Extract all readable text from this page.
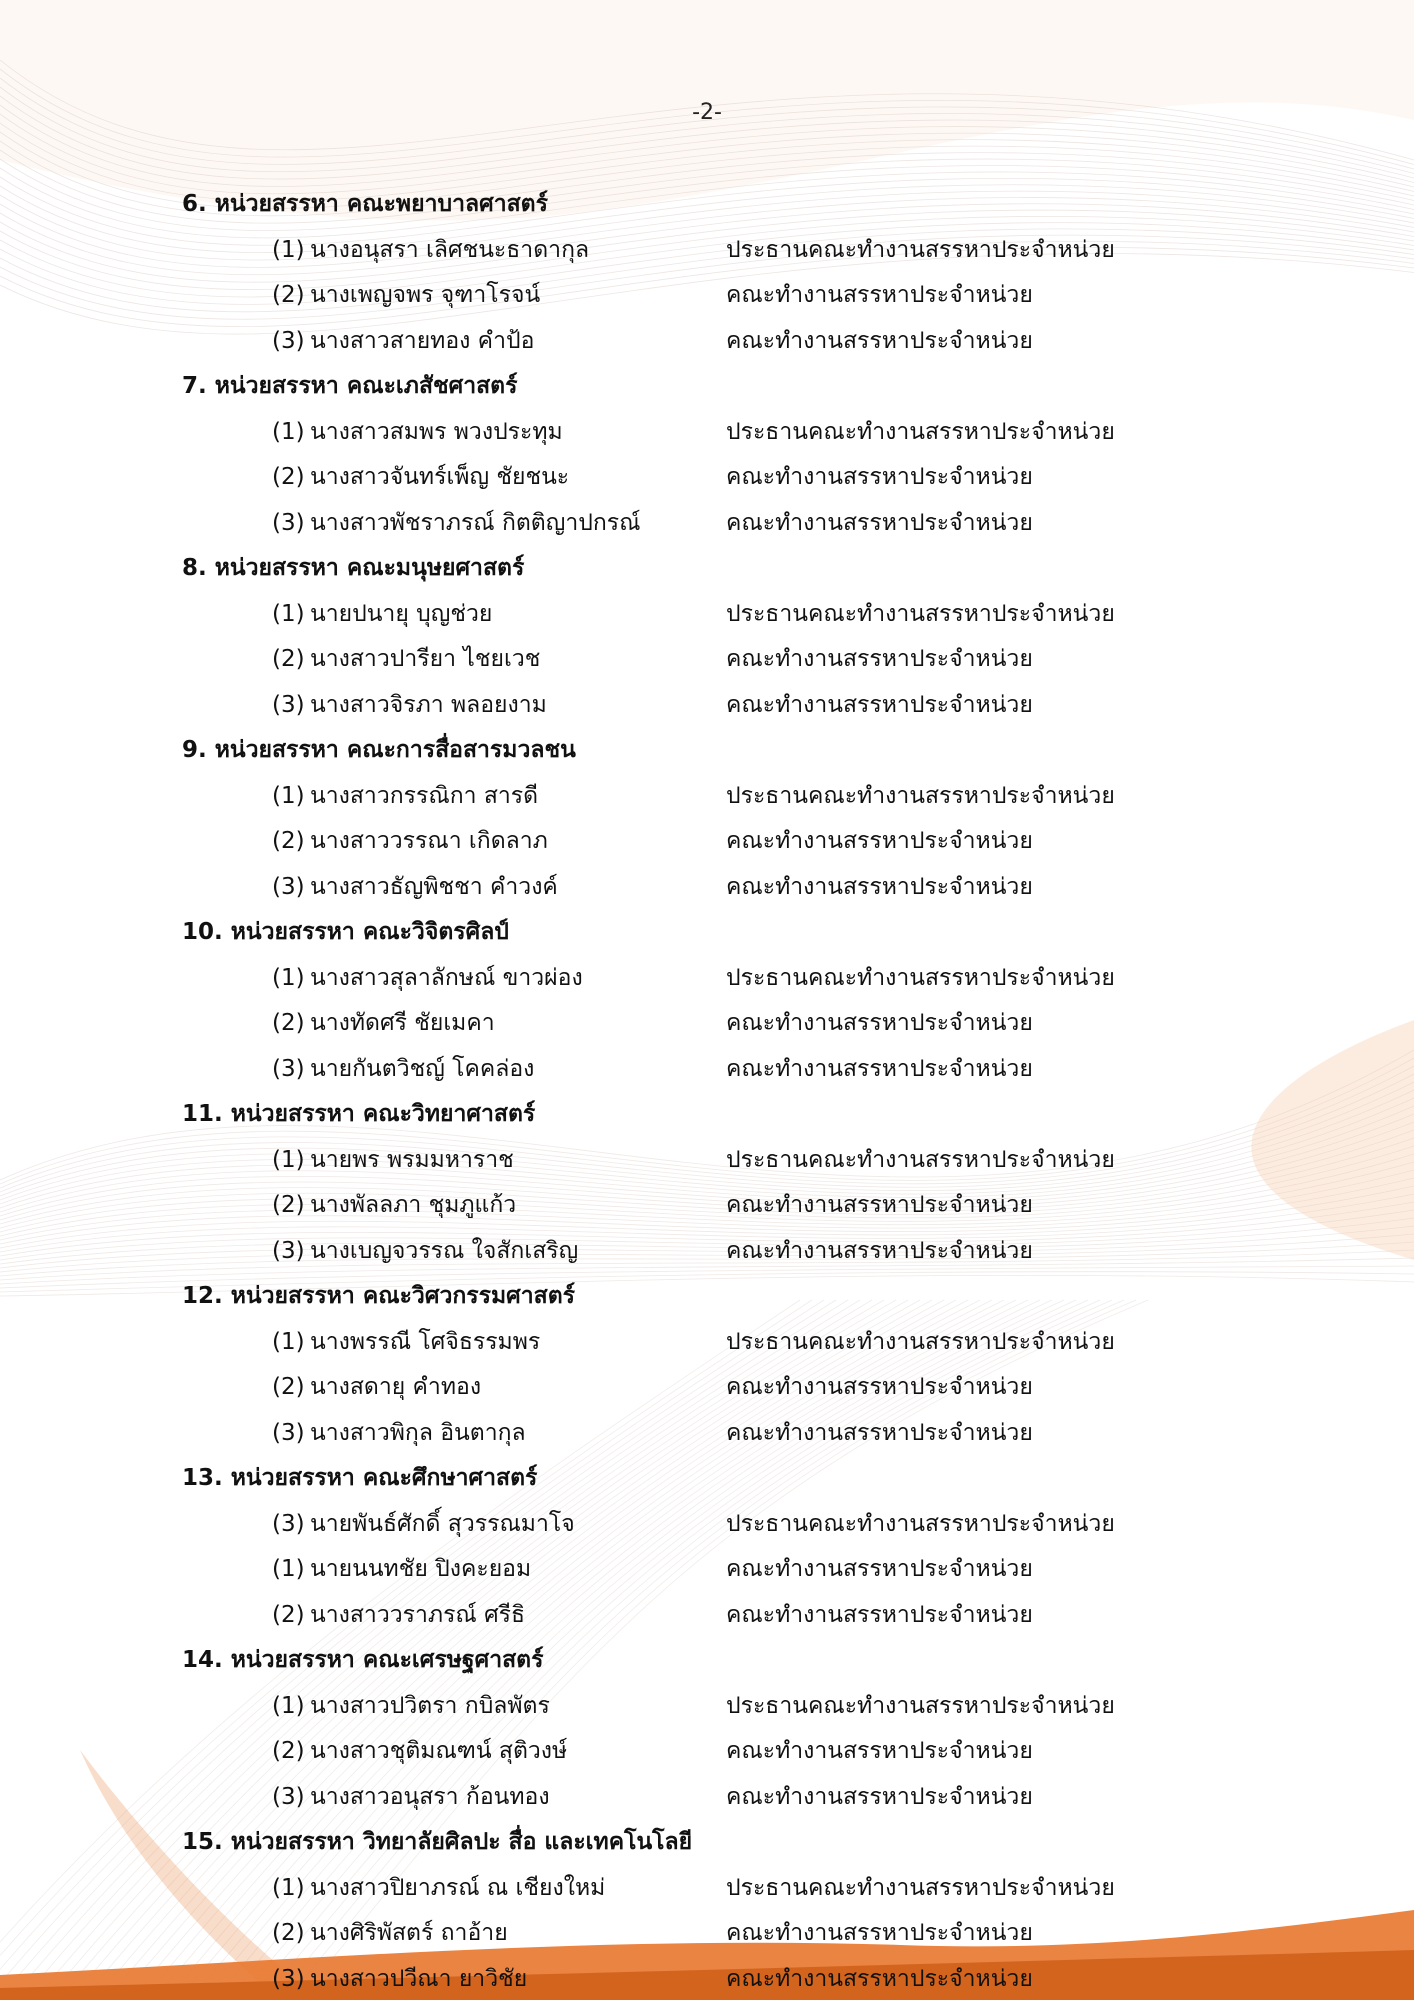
-2-
6. หน่วยสรรหา คณะพยาบาลศาสตร์
(1) นางอนุสรา เลิศชนะธาดากุล	ประธานคณะทำงานสรรหาประจำหน่วย
(2) นางเพญจพร จุฑาโรจน์	คณะทำงานสรรหาประจำหน่วย
(3) นางสาวสายทอง คำป้อ	คณะทำงานสรรหาประจำหน่วย
7. หน่วยสรรหา คณะเภสัชศาสตร์
(1) นางสาวสมพร พวงประทุม	ประธานคณะทำงานสรรหาประจำหน่วย
(2) นางสาวจันทร์เพ็ญ ชัยชนะ	คณะทำงานสรรหาประจำหน่วย
(3) นางสาวพัชราภรณ์ กิตติญาปกรณ์	คณะทำงานสรรหาประจำหน่วย
8. หน่วยสรรหา คณะมนุษยศาสตร์
(1) นายปนายุ บุญช่วย	ประธานคณะทำงานสรรหาประจำหน่วย
(2) นางสาวปารียา ไชยเวช	คณะทำงานสรรหาประจำหน่วย
(3) นางสาวจิรภา พลอยงาม	คณะทำงานสรรหาประจำหน่วย
9. หน่วยสรรหา คณะการสื่อสารมวลชน
(1) นางสาวกรรณิกา สารดี	ประธานคณะทำงานสรรหาประจำหน่วย
(2) นางสาววรรณา เกิดลาภ	คณะทำงานสรรหาประจำหน่วย
(3) นางสาวธัญพิชชา คำวงค์	คณะทำงานสรรหาประจำหน่วย
10. หน่วยสรรหา คณะวิจิตรศิลป์
(1) นางสาวสุลาลักษณ์ ขาวผ่อง	ประธานคณะทำงานสรรหาประจำหน่วย
(2) นางทัดศรี ชัยเมคา	คณะทำงานสรรหาประจำหน่วย
(3) นายกันตวิชญ์ โคคล่อง	คณะทำงานสรรหาประจำหน่วย
11. หน่วยสรรหา คณะวิทยาศาสตร์
(1) นายพร พรมมหาราช	ประธานคณะทำงานสรรหาประจำหน่วย
(2) นางพัลลภา ชุมภูแก้ว	คณะทำงานสรรหาประจำหน่วย
(3) นางเบญจวรรณ ใจสักเสริญ	คณะทำงานสรรหาประจำหน่วย
12. หน่วยสรรหา คณะวิศวกรรมศาสตร์
(1) นางพรรณี โศจิธรรมพร	ประธานคณะทำงานสรรหาประจำหน่วย
(2) นางสดายุ คำทอง	คณะทำงานสรรหาประจำหน่วย
(3) นางสาวพิกุล อินตากุล	คณะทำงานสรรหาประจำหน่วย
13. หน่วยสรรหา คณะศึกษาศาสตร์
(3) นายพันธ์ศักดิ์ สุวรรณมาโจ	ประธานคณะทำงานสรรหาประจำหน่วย
(1) นายนนทชัย ปิงคะยอม	คณะทำงานสรรหาประจำหน่วย
(2) นางสาววราภรณ์ ศรีธิ	คณะทำงานสรรหาประจำหน่วย
14. หน่วยสรรหา คณะเศรษฐศาสตร์
(1) นางสาวปวิตรา กบิลพัตร	ประธานคณะทำงานสรรหาประจำหน่วย
(2) นางสาวชุติมณฑน์ สุติวงษ์	คณะทำงานสรรหาประจำหน่วย
(3) นางสาวอนุสรา ก้อนทอง	คณะทำงานสรรหาประจำหน่วย
15. หน่วยสรรหา วิทยาลัยศิลปะ สื่อ และเทคโนโลยี
(1) นางสาวปิยาภรณ์ ณ เชียงใหม่	ประธานคณะทำงานสรรหาประจำหน่วย
(2) นางศิริพัสตร์ ถาอ้าย	คณะทำงานสรรหาประจำหน่วย
(3) นางสาวปวีณา ยาวิชัย	คณะทำงานสรรหาประจำหน่วย
